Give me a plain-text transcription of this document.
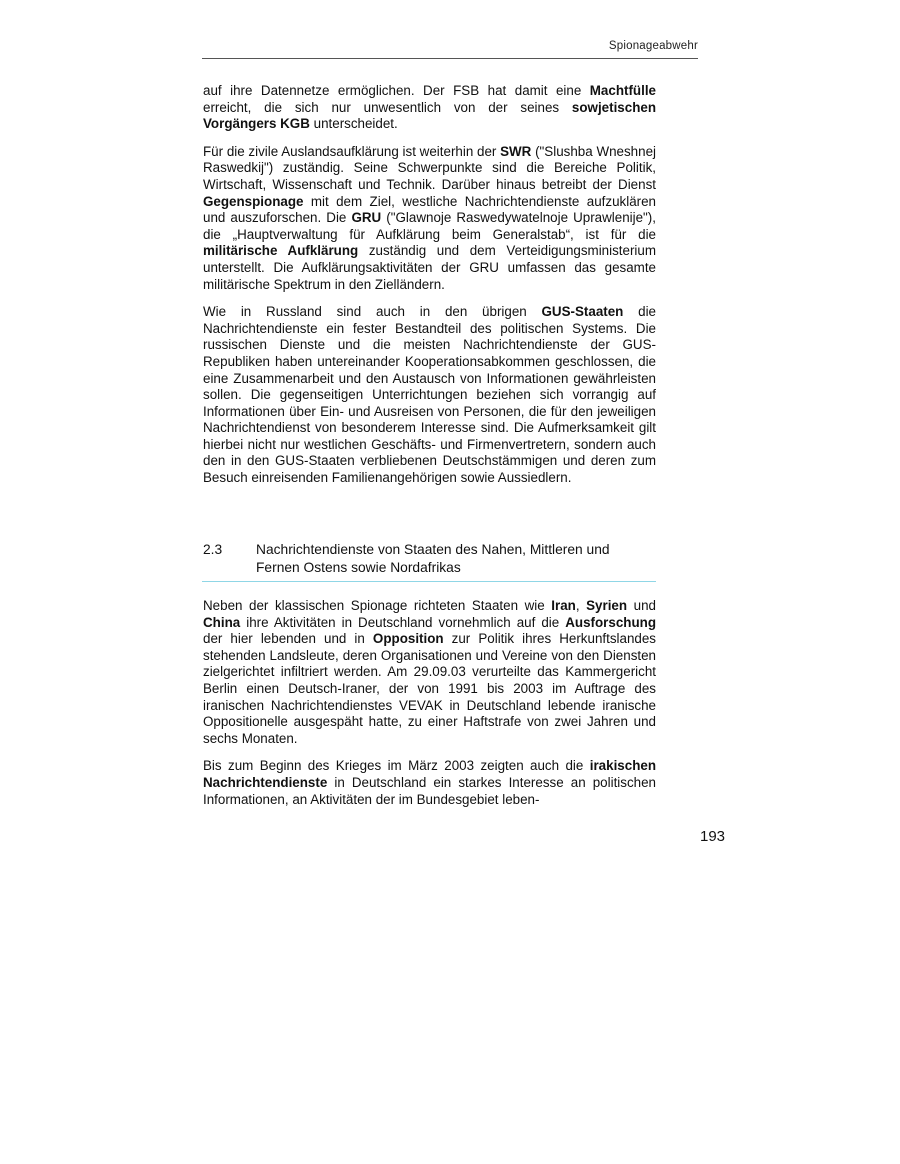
Spionageabwehr

auf ihre Datennetze ermöglichen. Der FSB hat damit eine Machtfülle erreicht, die sich nur unwesentlich von der seines sowjetischen Vorgängers KGB unterscheidet.

Für die zivile Auslandsaufklärung ist weiterhin der SWR ("Slushba Wneshnej Raswedkij") zuständig. Seine Schwerpunkte sind die Bereiche Politik, Wirtschaft, Wissenschaft und Technik. Darüber hinaus betreibt der Dienst Gegenspionage mit dem Ziel, westliche Nachrichtendienste aufzuklären und auszuforschen. Die GRU ("Glawnoje Raswedywatelnoje Uprawlenije"), die „Hauptverwaltung für Aufklärung beim Generalstab“, ist für die militärische Aufklärung zuständig und dem Verteidigungsministerium unterstellt. Die Aufklärungsaktivitäten der GRU umfassen das gesamte militärische Spektrum in den Zielländern.

Wie in Russland sind auch in den übrigen GUS-Staaten die Nachrichtendienste ein fester Bestandteil des politischen Systems. Die russischen Dienste und die meisten Nachrichtendienste der GUS-Republiken haben untereinander Kooperationsabkommen geschlossen, die eine Zusammenarbeit und den Austausch von Informationen gewährleisten sollen. Die gegenseitigen Unterrichtungen beziehen sich vorrangig auf Informationen über Ein- und Ausreisen von Personen, die für den jeweiligen Nachrichtendienst von besonderem Interesse sind. Die Aufmerksamkeit gilt hierbei nicht nur westlichen Geschäfts- und Firmenvertretern, sondern auch den in den GUS-Staaten verbliebenen Deutschstämmigen und deren zum Besuch einreisenden Familienangehörigen sowie Aussiedlern.

2.3 Nachrichtendienste von Staaten des Nahen, Mittleren und Fernen Ostens sowie Nordafrikas

Neben der klassischen Spionage richteten Staaten wie Iran, Syrien und China ihre Aktivitäten in Deutschland vornehmlich auf die Ausforschung der hier lebenden und in Opposition zur Politik ihres Herkunftslandes stehenden Landsleute, deren Organisationen und Vereine von den Diensten zielgerichtet infiltriert werden. Am 29.09.03 verurteilte das Kammergericht Berlin einen Deutsch-Iraner, der von 1991 bis 2003 im Auftrage des iranischen Nachrichtendienstes VEVAK in Deutschland lebende iranische Oppositionelle ausgespäht hatte, zu einer Haftstrafe von zwei Jahren und sechs Monaten.

Bis zum Beginn des Krieges im März 2003 zeigten auch die irakischen Nachrichtendienste in Deutschland ein starkes Interesse an politischen Informationen, an Aktivitäten der im Bundesgebiet leben-

193
